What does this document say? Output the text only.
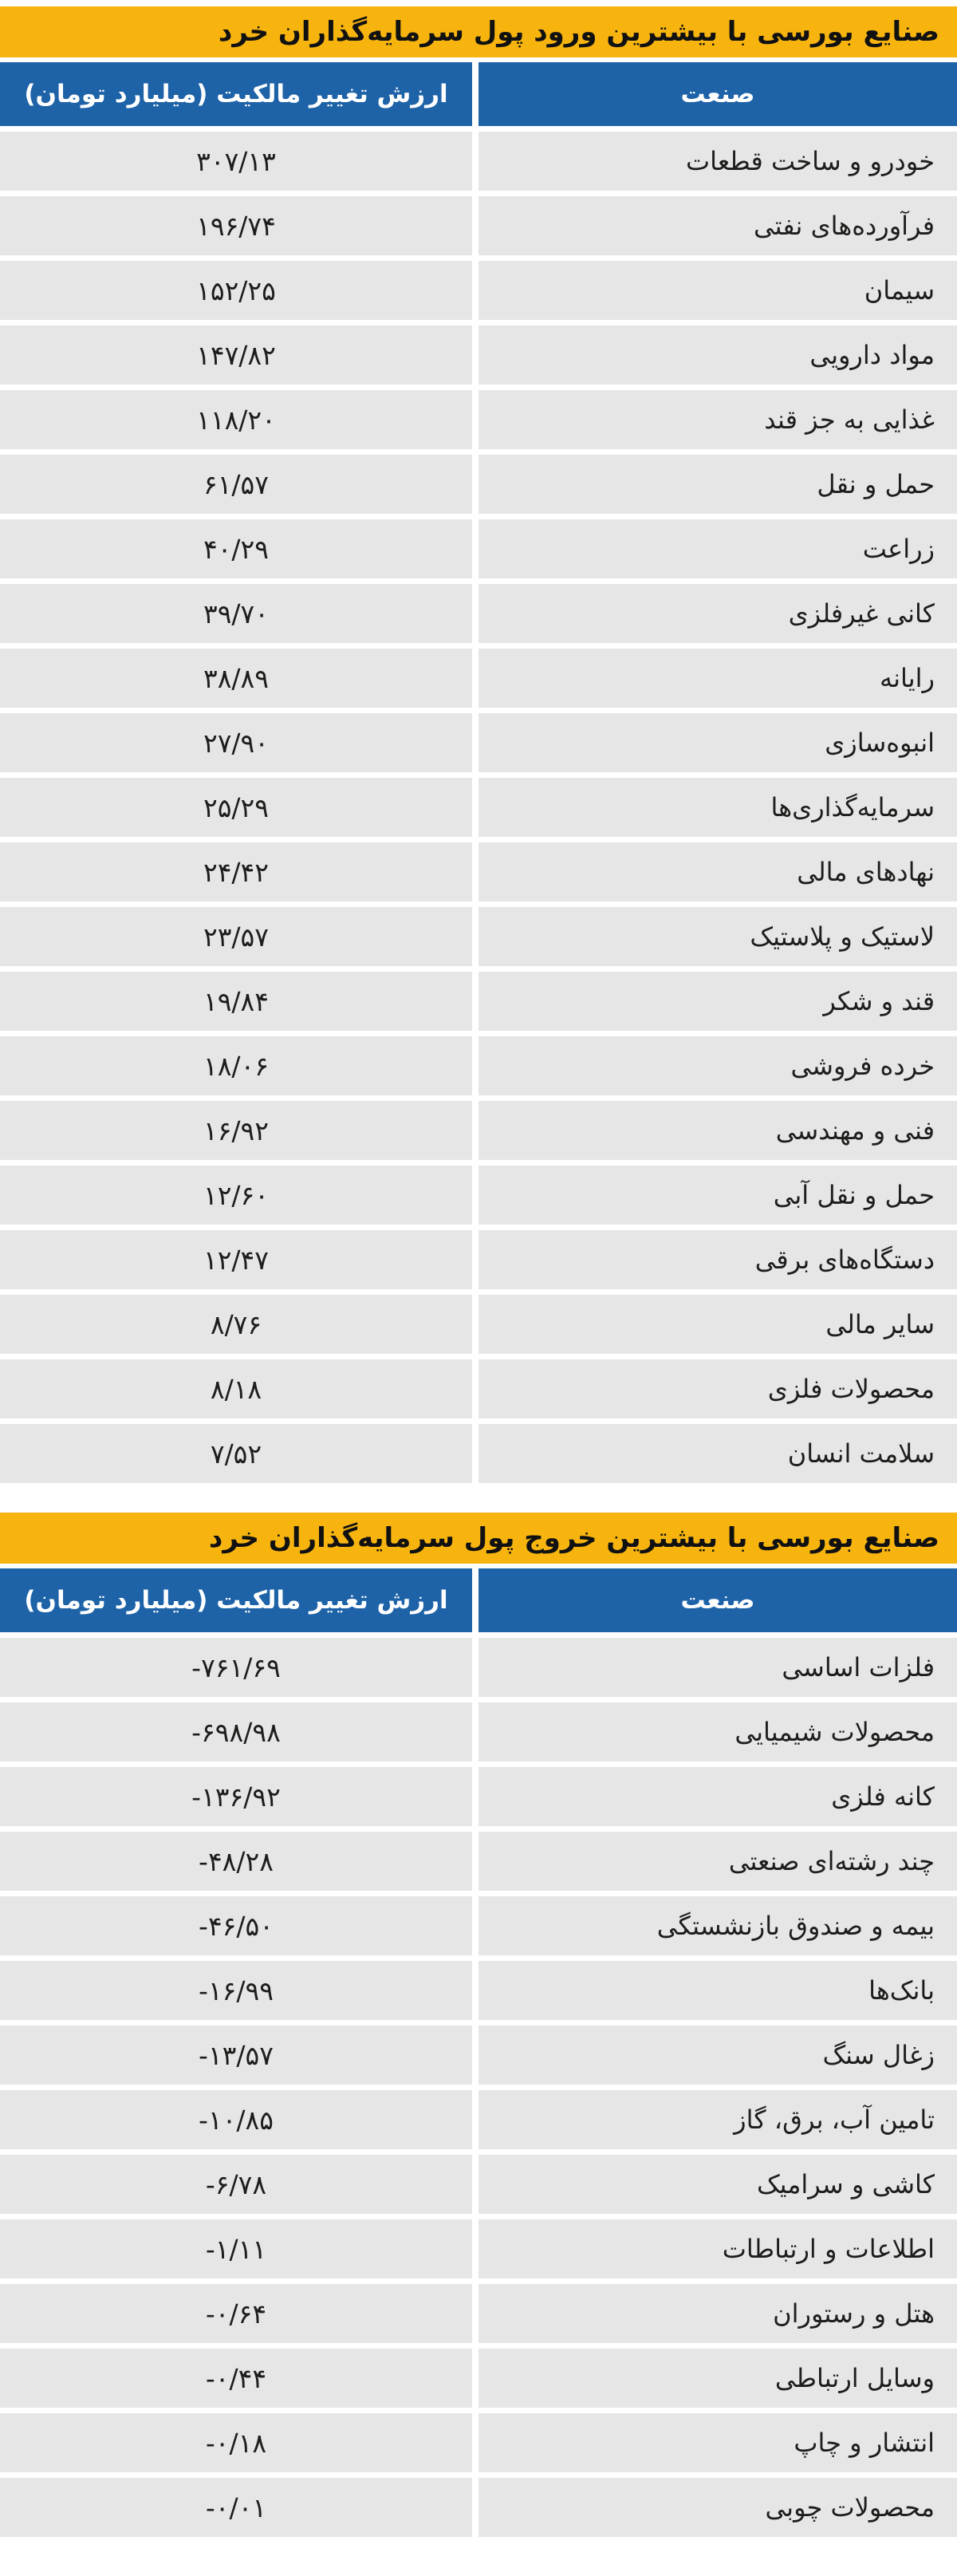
صنایع بورسی با بیشترین ورود پول سرمایه‌گذاران خرد
صنعت
ارزش تغییر مالکیت (میلیارد تومان)
خودرو و ساخت قطعات
۳۰۷/۱۳
فرآورده‌های نفتی
۱۹۶/۷۴
سیمان
۱۵۲/۲۵
مواد دارویی
۱۴۷/۸۲
غذایی به جز قند
۱۱۸/۲۰
حمل و نقل
۶۱/۵۷
زراعت
۴۰/۲۹
کانی غیرفلزی
۳۹/۷۰
رایانه
۳۸/۸۹
انبوه‌سازی
۲۷/۹۰
سرمایه‌گذاری‌ها
۲۵/۲۹
نهادهای مالی
۲۴/۴۲
لاستیک و پلاستیک
۲۳/۵۷
قند و شکر
۱۹/۸۴
خرده فروشی
۱۸/۰۶
فنی و مهندسی
۱۶/۹۲
حمل و نقل آبی
۱۲/۶۰
دستگاه‌های برقی
۱۲/۴۷
سایر مالی
۸/۷۶
محصولات فلزی
۸/۱۸
سلامت انسان
۷/۵۲
صنایع بورسی با بیشترین خروج پول سرمایه‌گذاران خرد
صنعت
ارزش تغییر مالکیت (میلیارد تومان)
فلزات اساسی
-۷۶۱/۶۹
محصولات شیمیایی
-۶۹۸/۹۸
کانه فلزی
-۱۳۶/۹۲
چند رشته‌ای صنعتی
-۴۸/۲۸
بیمه و صندوق بازنشستگی
-۴۶/۵۰
بانک‌ها
-۱۶/۹۹
زغال سنگ
-۱۳/۵۷
تامین آب، برق، گاز
-۱۰/۸۵
کاشی و سرامیک
-۶/۷۸
اطلاعات و ارتباطات
-۱/۱۱
هتل و رستوران
-۰/۶۴
وسایل ارتباطی
-۰/۴۴
انتشار و چاپ
-۰/۱۸
محصولات چوبی
-۰/۰۱
